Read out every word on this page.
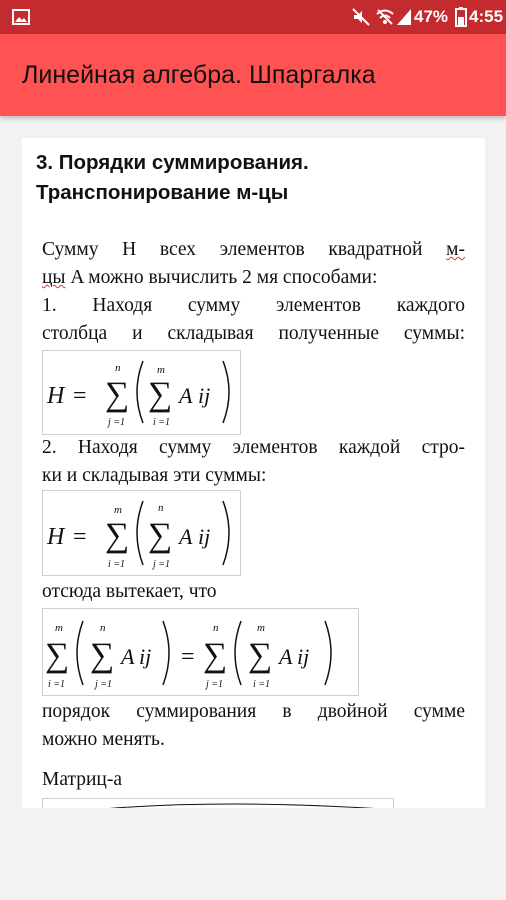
47% 4:55
Линейная алгебра. Шпаргалка
3. Порядки суммирования.
Транспонирование м-цы
Сумму H всех элементов квадратной м-
цы A можно вычислить 2 мя способами:
1. Находя сумму элементов каждого
столбца и складывая полученные суммы:
H = ∑
n
j =1
∑
m
i =1
A ij
2. Находя сумму элементов каждой стро-
ки и складывая эти суммы:
H = ∑
m
i =1
∑
n
j =1
A ij
отсюда вытекает, что
∑
m
i =1
∑
n
j =1
A ij = ∑
n
j =1
∑
m
i =1
A ij
порядок суммирования в двойной сумме
можно менять.
Матриц-а
